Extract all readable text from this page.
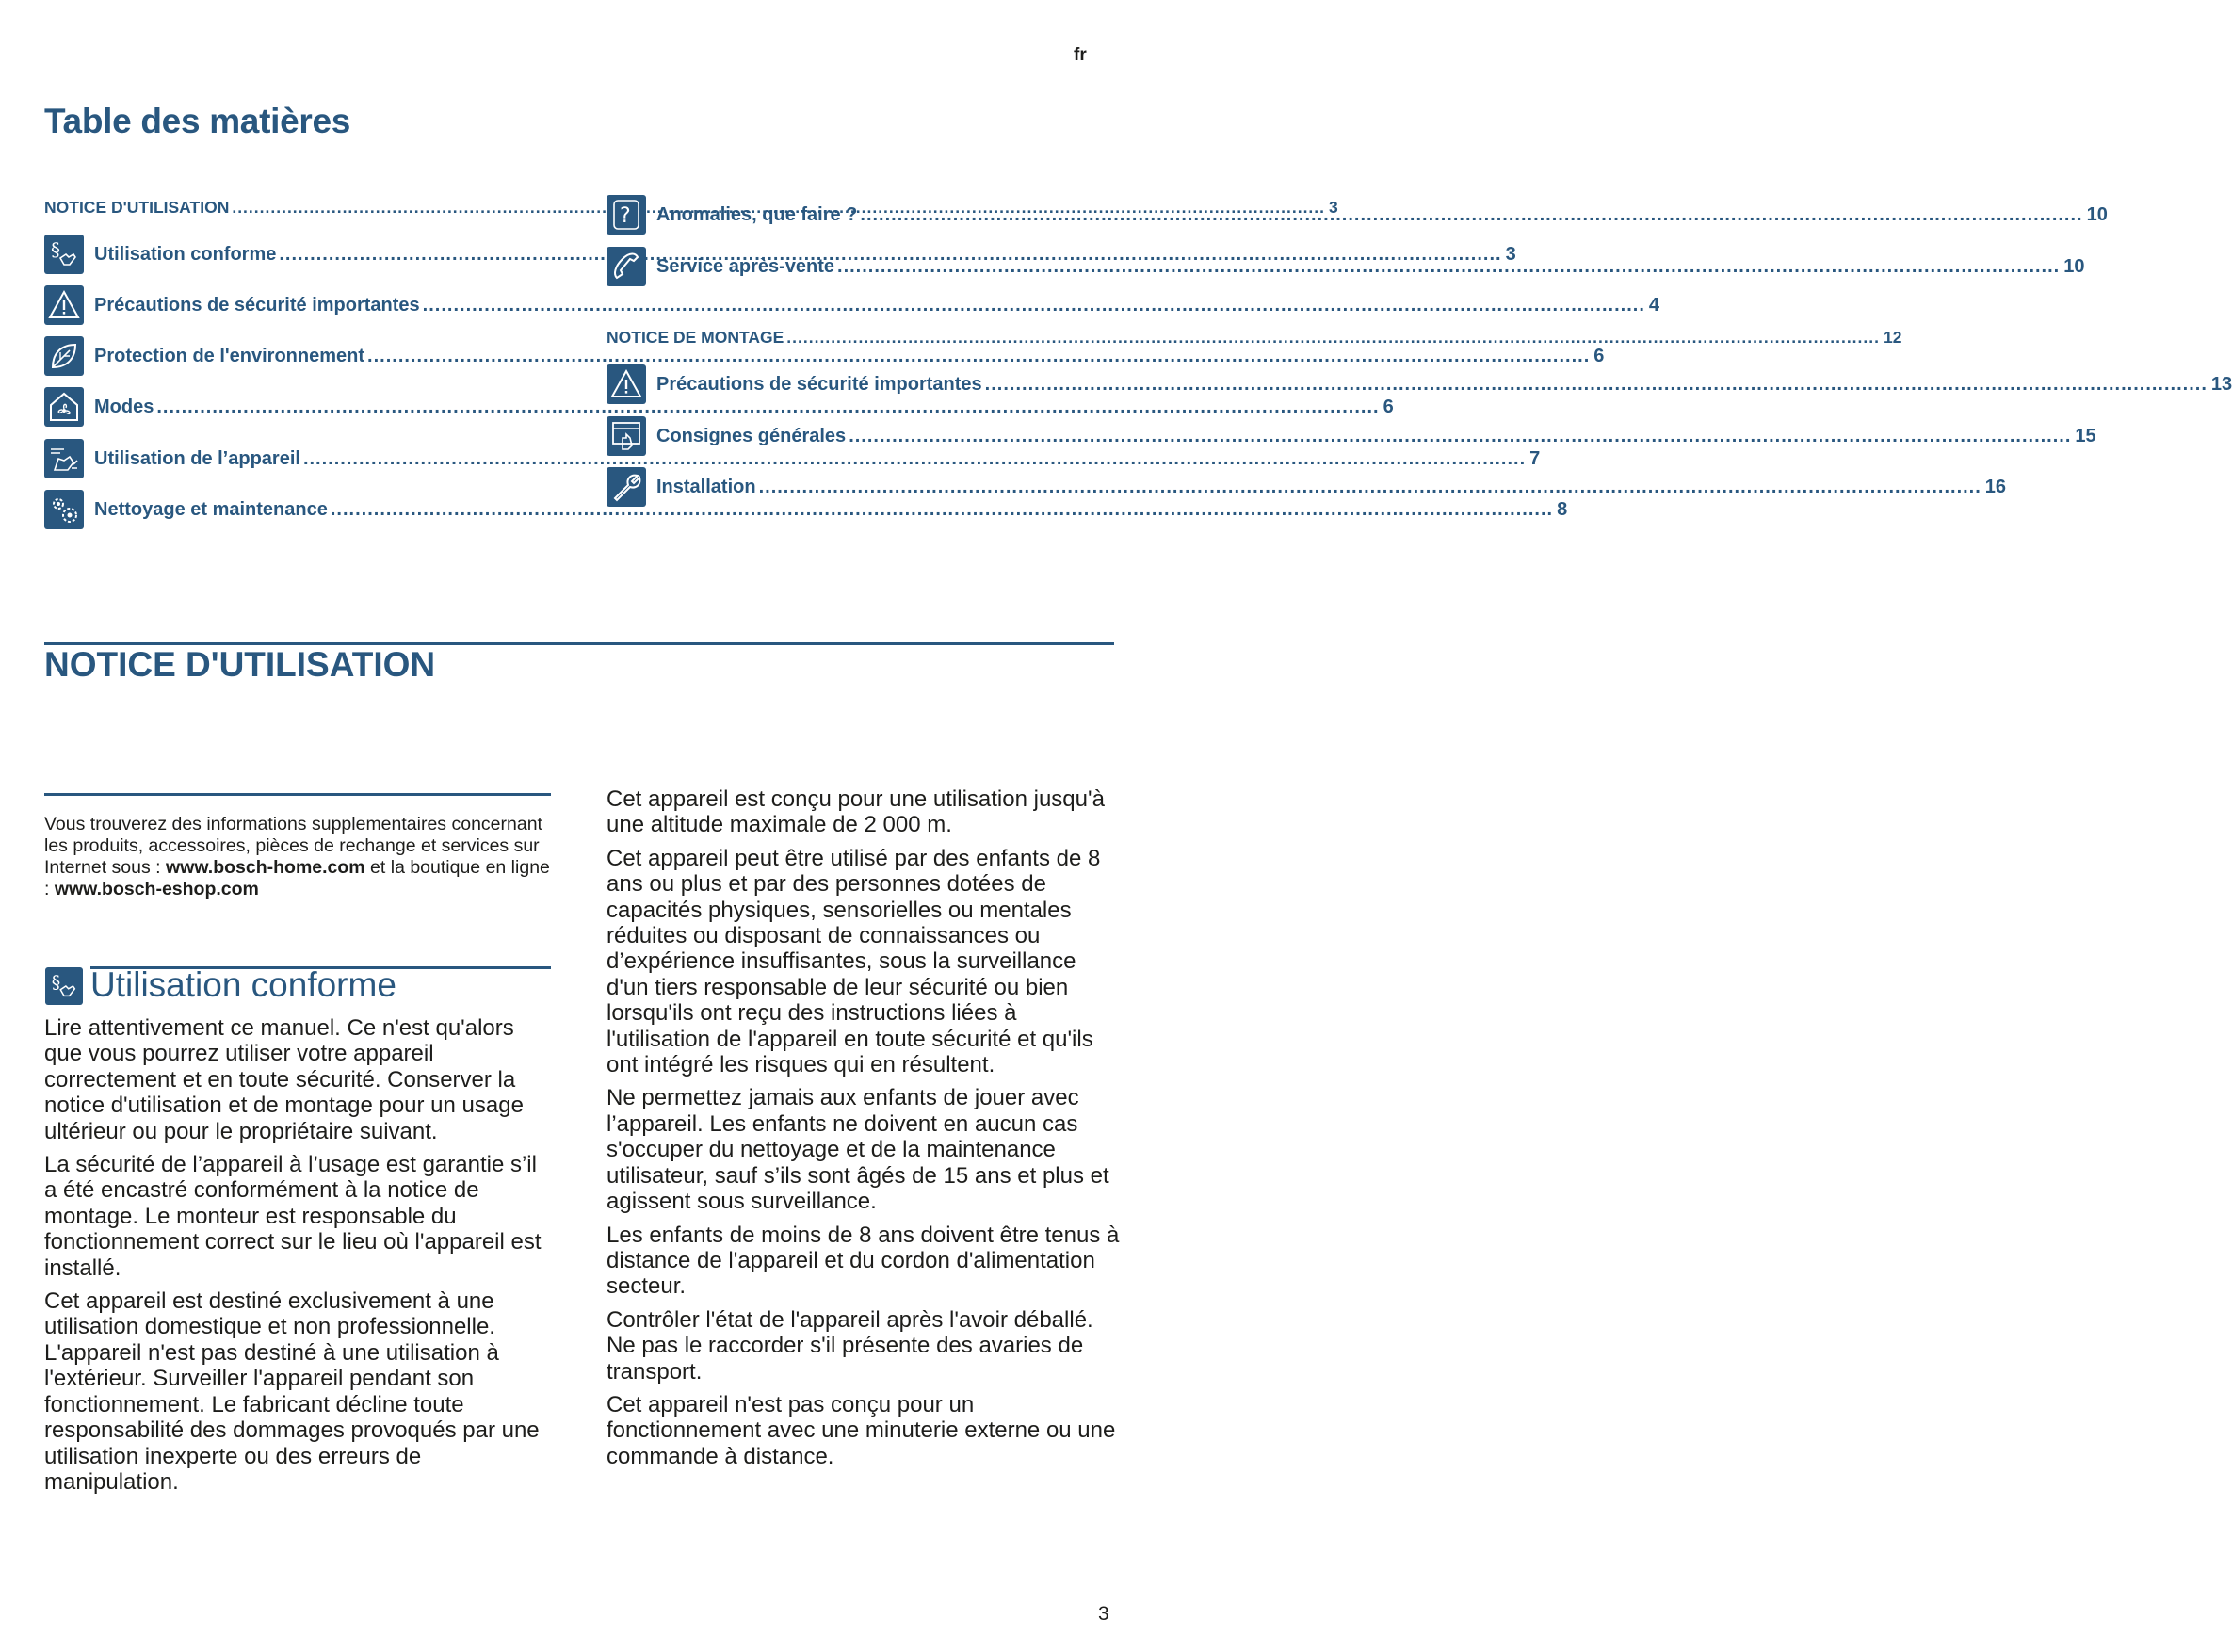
fr
Table des matières
NOTICE D'UTILISATION .....	3
§ Utilisation conforme .....	3
Précautions de sécurité importantes .....	4
Protection de l'environnement .....	6
Modes .....	6
Utilisation de l’appareil .....	7
Nettoyage et maintenance .....	8
? Anomalies, que faire ? .....	10
Service après-vente .....	10
NOTICE DE MONTAGE .....	12
Précautions de sécurité importantes .....	13
Consignes générales .....	15
Installation .....	16
NOTICE D'UTILISATION
Vous trouverez des informations supplementaires concernant les produits, accessoires, pièces de rechange et services sur Internet sous : www.bosch-home.com et la boutique en ligne : www.bosch-eshop.com
§ Utilisation conforme

Lire attentivement ce manuel. Ce n'est qu'alors que vous pourrez utiliser votre appareil correctement et en toute sécurité. Conserver la notice d'utilisation et de montage pour un usage ultérieur ou pour le propriétaire suivant.

La sécurité de l’appareil à l’usage est garantie s’il a été encastré conformément à la notice de montage. Le monteur est responsable du fonctionnement correct sur le lieu où l'appareil est installé.

Cet appareil est destiné exclusivement à une utilisation domestique et non professionnelle. L'appareil n'est pas destiné à une utilisation à l'extérieur. Surveiller l'appareil pendant son fonctionnement. Le fabricant décline toute responsabilité des dommages provoqués par une utilisation inexperte ou des erreurs de manipulation.

Cet appareil est conçu pour une utilisation jusqu'à une altitude maximale de 2 000 m.

Cet appareil peut être utilisé par des enfants de 8 ans ou plus et par des personnes dotées de capacités physiques, sensorielles ou mentales réduites ou disposant de connaissances ou d’expérience insuffisantes, sous la surveillance d'un tiers responsable de leur sécurité ou bien lorsqu'ils ont reçu des instructions liées à l'utilisation de l'appareil en toute sécurité et qu'ils ont intégré les risques qui en résultent.

Ne permettez jamais aux enfants de jouer avec l’appareil. Les enfants ne doivent en aucun cas s'occuper du nettoyage et de la maintenance utilisateur, sauf s’ils sont âgés de 15 ans et plus et agissent sous surveillance.

Les enfants de moins de 8 ans doivent être tenus à distance de l'appareil et du cordon d'alimentation secteur.

Contrôler l'état de l'appareil après l'avoir déballé. Ne pas le raccorder s'il présente des avaries de transport.

Cet appareil n'est pas conçu pour un fonctionnement avec une minuterie externe ou une commande à distance.

3
